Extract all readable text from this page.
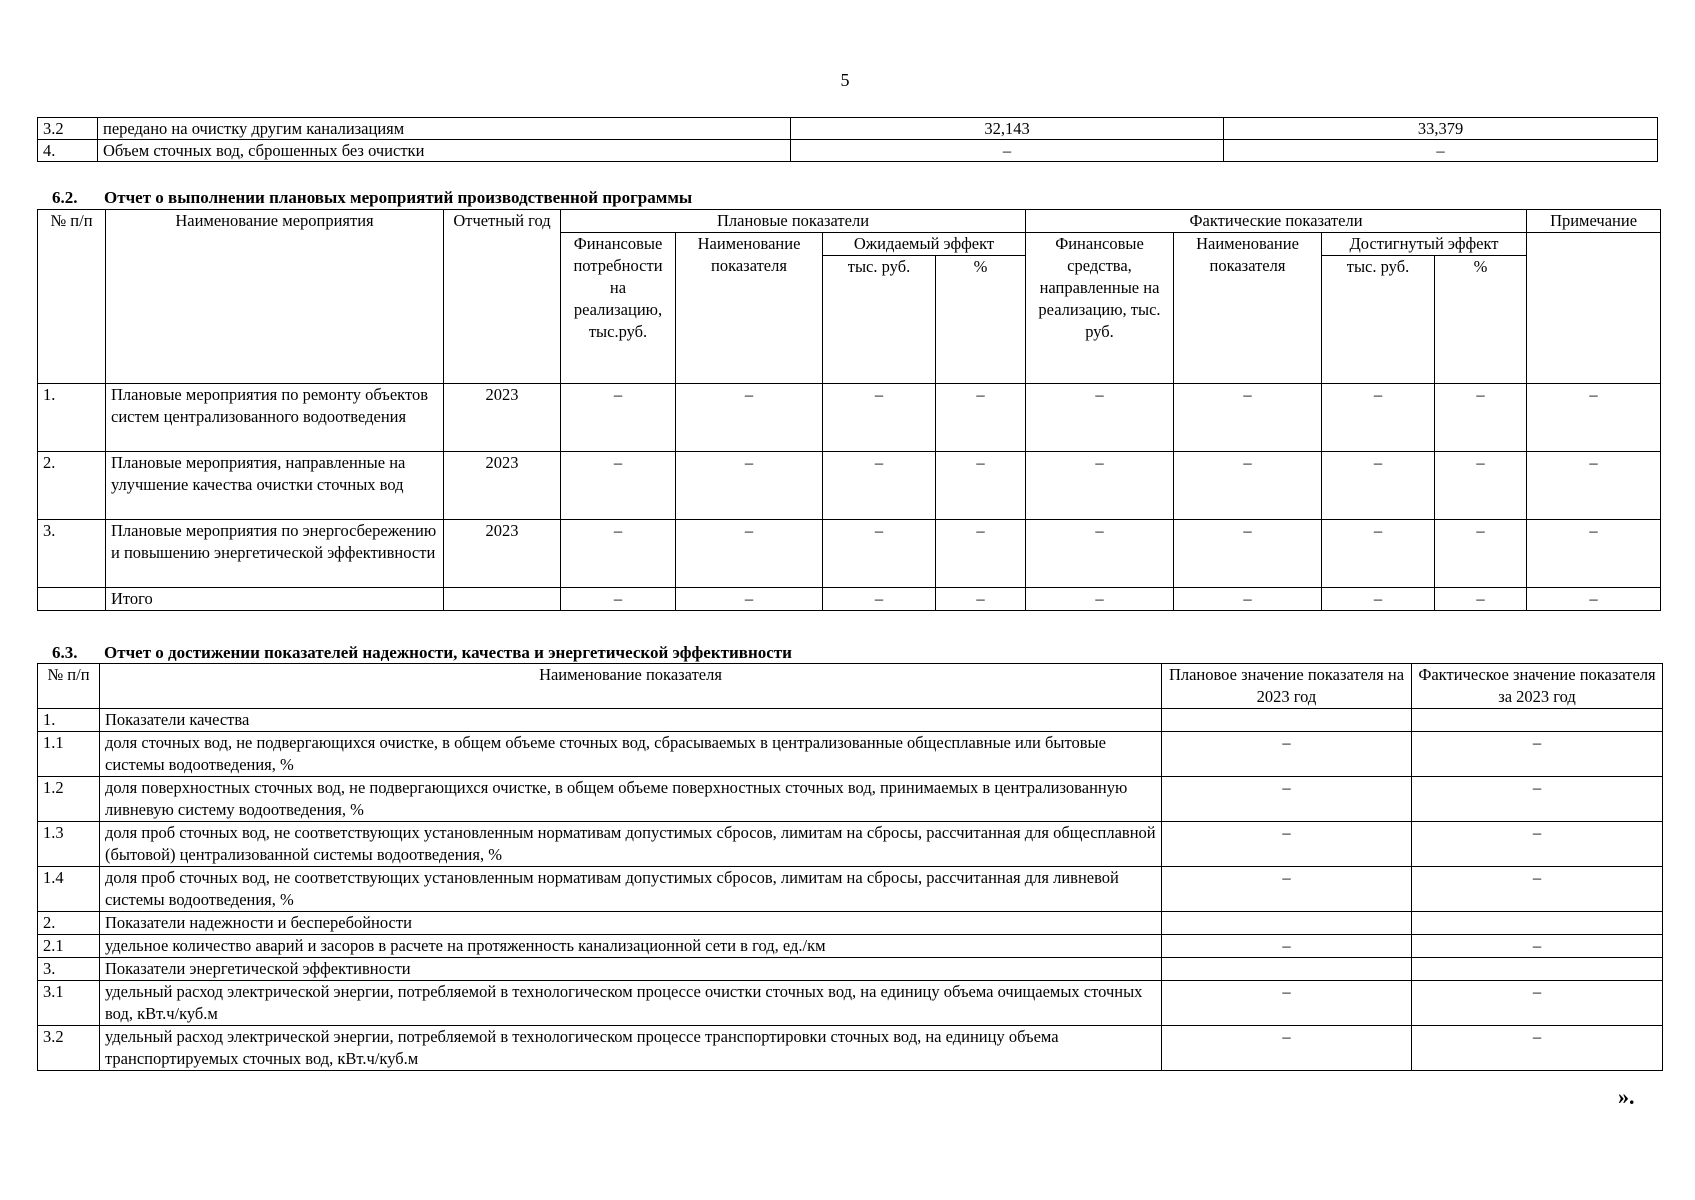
5
3.2	передано на очистку другим канализациям	32,143	33,379
4.	Объем сточных вод, сброшенных без очистки	–	–
6.2. Отчет о выполнении плановых мероприятий производственной программы
№ п/п	Наименование мероприятия	Отчетный год	Плановые показатели				Фактические показатели				Примечание
			Финансовые потребности на реализацию, тыс.руб.	Наименование показателя	Ожидаемый эффект		Финансовые средства, направленные на реализацию, тыс. руб.	Наименование показателя	Достигнутый эффект		
					тыс. руб.	%			тыс. руб.	%	
1.	Плановые мероприятия по ремонту объектов систем централизованного водоотведения	2023	–	–	–	–	–	–	–	–	–
2.	Плановые мероприятия, направленные на улучшение качества очистки сточных вод	2023	–	–	–	–	–	–	–	–	–
3.	Плановые мероприятия по энергосбережению и повышению энергетической эффективности	2023	–	–	–	–	–	–	–	–	–
	Итого		–	–	–	–	–	–	–	–	–
6.3. Отчет о достижении показателей надежности, качества и энергетической эффективности
№ п/п	Наименование показателя	Плановое значение показателя на 2023 год	Фактическое значение показателя за 2023 год
1.	Показатели качества		
1.1	доля сточных вод, не подвергающихся очистке, в общем объеме сточных вод, сбрасываемых в централизованные общесплавные или бытовые системы водоотведения, %	–	–
1.2	доля поверхностных сточных вод, не подвергающихся очистке, в общем объеме поверхностных сточных вод, принимаемых в централизованную ливневую систему водоотведения, %	–	–
1.3	доля проб сточных вод, не соответствующих установленным нормативам допустимых сбросов, лимитам на сбросы, рассчитанная для общесплавной (бытовой) централизованной системы водоотведения, %	–	–
1.4	доля проб сточных вод, не соответствующих установленным нормативам допустимых сбросов, лимитам на сбросы, рассчитанная для ливневой системы водоотведения, %	–	–
2.	Показатели надежности и бесперебойности		
2.1	удельное количество аварий и засоров в расчете на протяженность канализационной сети в год, ед./км	–	–
3.	Показатели энергетической эффективности		
3.1	удельный расход электрической энергии, потребляемой в технологическом процессе очистки сточных вод, на единицу объема очищаемых сточных вод, кВт.ч/куб.м	–	–
3.2	удельный расход электрической энергии, потребляемой в технологическом процессе транспортировки сточных вод, на единицу объема транспортируемых сточных вод, кВт.ч/куб.м	–	–
».
